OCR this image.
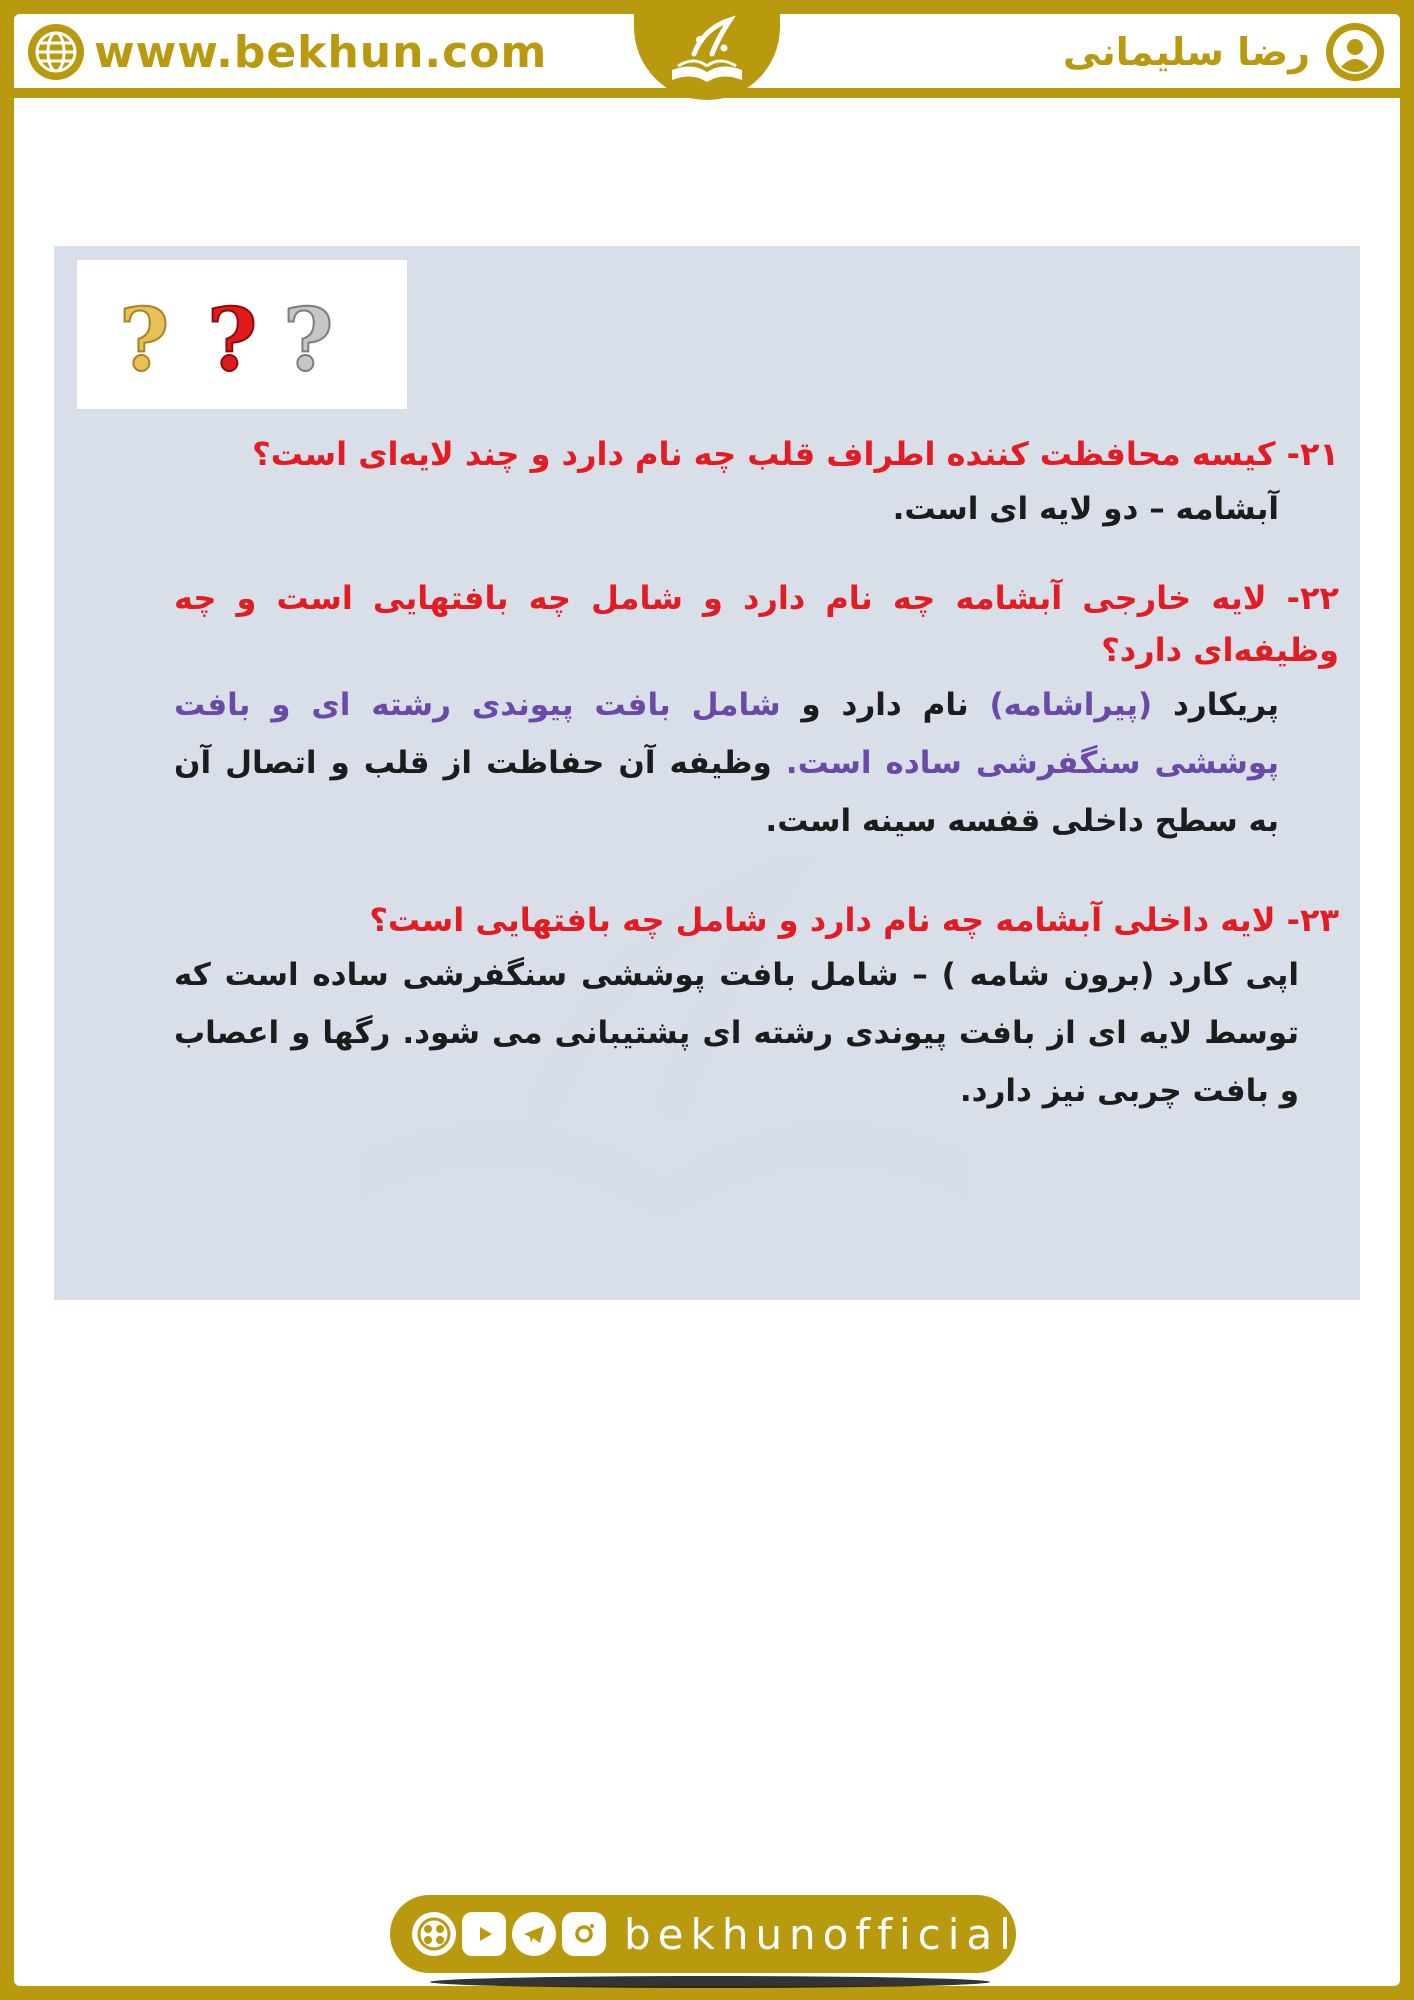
www.bekhun.com	رضا سلیمانی
? ? ?

۲۱- کیسه محافظت کننده اطراف قلب چه نام دارد و چند لایه‌ای است؟

آبشامه – دو لایه ای است.

۲۲- لایه خارجی آبشامه چه نام دارد و شامل چه بافتهایی است و چه وظیفه‌ای دارد؟

پریکارد (پیراشامه) نام دارد و شامل بافت پیوندی رشته ای و بافت پوششی سنگفرشی ساده است. وظیفه آن حفاظت از قلب و اتصال آن به سطح داخلی قفسه سینه است.

۲۳- لایه داخلی آبشامه چه نام دارد و شامل چه بافتهایی است؟

اپی کارد (برون شامه ) – شامل بافت پوششی سنگفرشی ساده است که توسط لایه ای از بافت پیوندی رشته ای پشتیبانی می شود. رگها و اعصاب و بافت چربی نیز دارد.

bekhunofficial
